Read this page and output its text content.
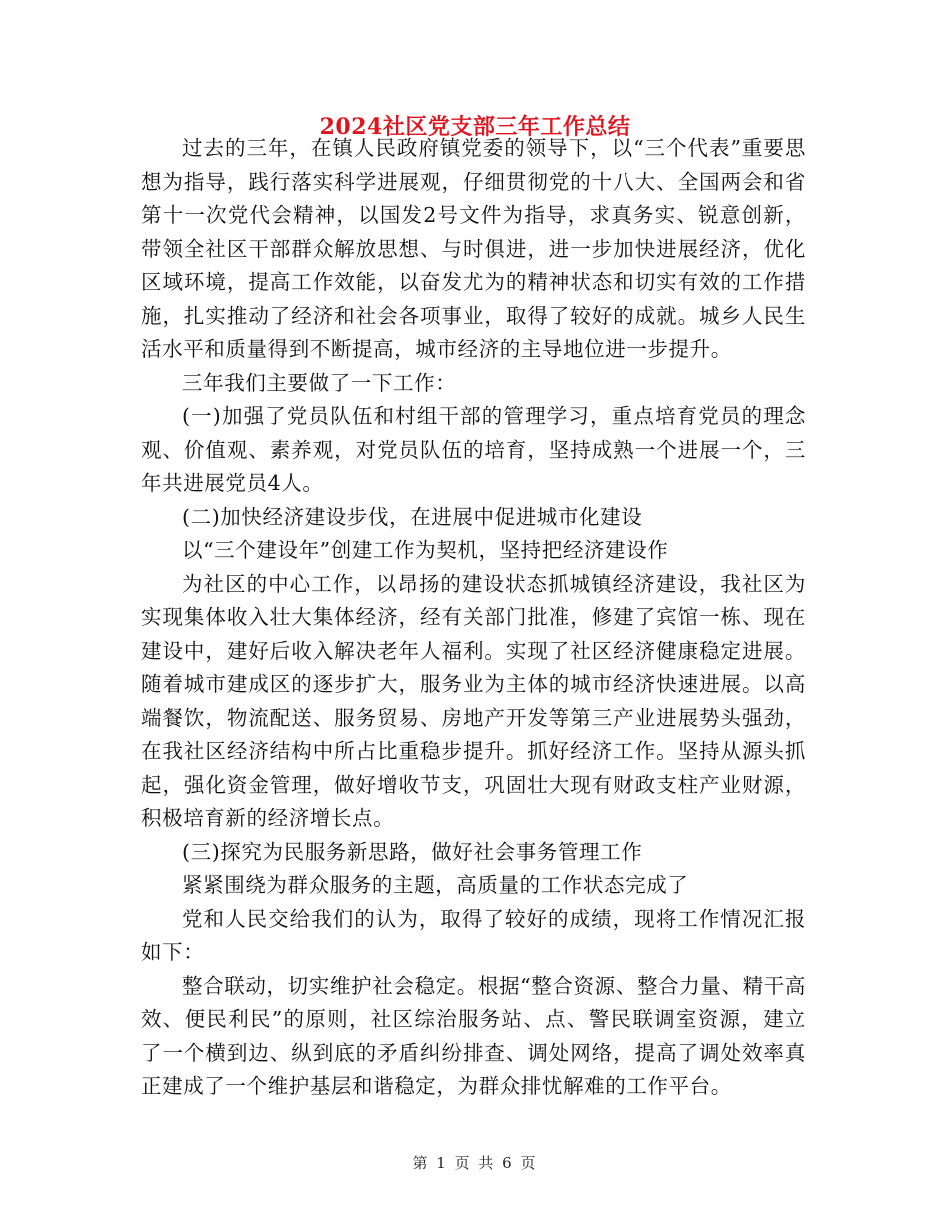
2024社区党支部三年工作总结

过去的三年，在镇人民政府镇党委的领导下，以“三个代表”重要思想为指导，践行落实科学进展观，仔细贯彻党的十八大、全国两会和省第十一次党代会精神，以国发2号文件为指导，求真务实、锐意创新，带领全社区干部群众解放思想、与时俱进，进一步加快进展经济，优化区域环境，提高工作效能，以奋发尤为的精神状态和切实有效的工作措施，扎实推动了经济和社会各项事业，取得了较好的成就。城乡人民生活水平和质量得到不断提高，城市经济的主导地位进一步提升。

三年我们主要做了一下工作：

(一)加强了党员队伍和村组干部的管理学习，重点培育党员的理念观、价值观、素养观，对党员队伍的培育，坚持成熟一个进展一个，三年共进展党员4人。

(二)加快经济建设步伐，在进展中促进城市化建设

以“三个建设年”创建工作为契机，坚持把经济建设作

为社区的中心工作，以昂扬的建设状态抓城镇经济建设，我社区为实现集体收入壮大集体经济，经有关部门批准，修建了宾馆一栋、现在建设中，建好后收入解决老年人福利。实现了社区经济健康稳定进展。随着城市建成区的逐步扩大，服务业为主体的城市经济快速进展。以高端餐饮，物流配送、服务贸易、房地产开发等第三产业进展势头强劲，在我社区经济结构中所占比重稳步提升。抓好经济工作。坚持从源头抓起，强化资金管理，做好增收节支，巩固壮大现有财政支柱产业财源，积极培育新的经济增长点。

(三)探究为民服务新思路，做好社会事务管理工作

紧紧围绕为群众服务的主题，高质量的工作状态完成了

党和人民交给我们的认为，取得了较好的成绩，现将工作情况汇报如下：

整合联动，切实维护社会稳定。根据“整合资源、整合力量、精干高效、便民利民”的原则，社区综治服务站、点、警民联调室资源，建立了一个横到边、纵到底的矛盾纠纷排查、调处网络，提高了调处效率真正建成了一个维护基层和谐稳定，为群众排忧解难的工作平台。

第 1 页 共 6 页
